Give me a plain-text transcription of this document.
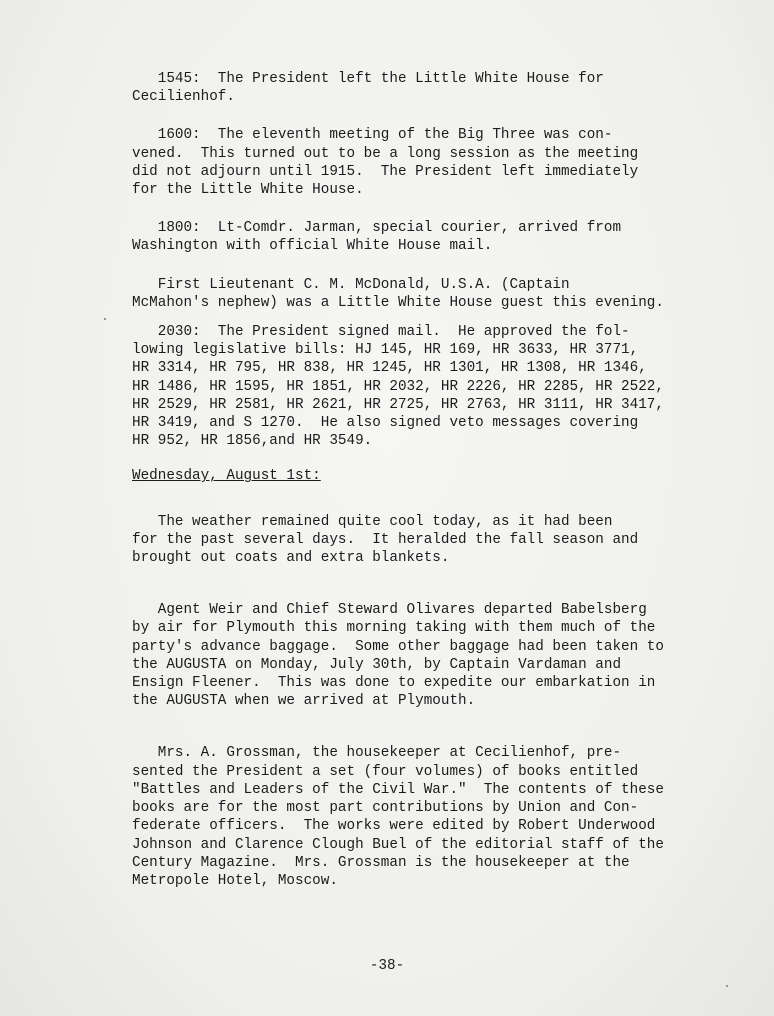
1545:  The President left the Little White House for
Cecilienhof.

1600:  The eleventh meeting of the Big Three was con-
vened.  This turned out to be a long session as the meeting
did not adjourn until 1915.  The President left immediately
for the Little White House.

1800:  Lt-Comdr. Jarman, special courier, arrived from
Washington with official White House mail.

First Lieutenant C. M. McDonald, U.S.A. (Captain
McMahon's nephew) was a Little White House guest this evening.

2030:  The President signed mail.  He approved the fol-
lowing legislative bills: HJ 145, HR 169, HR 3633, HR 3771,
HR 3314, HR 795, HR 838, HR 1245, HR 1301, HR 1308, HR 1346,
HR 1486, HR 1595, HR 1851, HR 2032, HR 2226, HR 2285, HR 2522,
HR 2529, HR 2581, HR 2621, HR 2725, HR 2763, HR 3111, HR 3417,
HR 3419, and S 1270.  He also signed veto messages covering
HR 952, HR 1856,and HR 3549.

Wednesday, August 1st:

The weather remained quite cool today, as it had been
for the past several days.  It heralded the fall season and
brought out coats and extra blankets.

Agent Weir and Chief Steward Olivares departed Babelsberg
by air for Plymouth this morning taking with them much of the
party's advance baggage.  Some other baggage had been taken to
the AUGUSTA on Monday, July 30th, by Captain Vardaman and
Ensign Fleener.  This was done to expedite our embarkation in
the AUGUSTA when we arrived at Plymouth.

Mrs. A. Grossman, the housekeeper at Cecilienhof, pre-
sented the President a set (four volumes) of books entitled
"Battles and Leaders of the Civil War."  The contents of these
books are for the most part contributions by Union and Con-
federate officers.  The works were edited by Robert Underwood
Johnson and Clarence Clough Buel of the editorial staff of the
Century Magazine.  Mrs. Grossman is the housekeeper at the
Metropole Hotel, Moscow.

-38-
